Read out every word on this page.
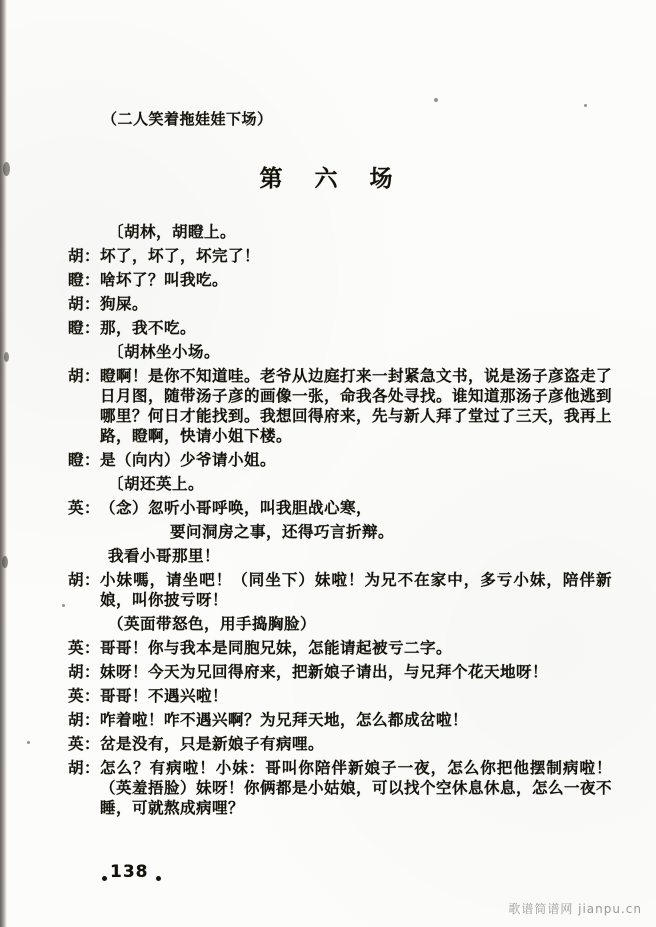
（二人笑着拖娃娃下场）
第 六 场
〔胡林，胡瞪上。
胡： 坏了，坏了，坏完了！
瞪： 啥坏了？叫我吃。
胡： 狗屎。
瞪： 那，我不吃。
〔胡林坐小场。
胡： 瞪啊！是你不知道哇。老爷从边庭打来一封紧急文书，说是汤子彦盗走了日月图，随带汤子彦的画像一张，命我各处寻找。谁知道那汤子彦他逃到哪里？何日才能找到。我想回得府来，先与新人拜了堂过了三天，我再上路，瞪啊，快请小姐下楼。
瞪： 是（向内）少爷请小姐。
〔胡还英上。
英： （念）忽听小哥呼唤，叫我胆战心寒，
要问洞房之事，还得巧言折辩。
我看小哥那里！
胡： 小妹嗎，请坐吧！（同坐下）妹啦！为兄不在家中，多亏小妹，陪伴新娘，叫你披亏呀！
（英面带怒色，用手捣胸脸）
英： 哥哥！你与我本是同胞兄妹，怎能请起被亏二字。
胡： 妹呀！今天为兄回得府来，把新娘子请出，与兄拜个花天地呀！
英： 哥哥！不遇兴啦！
胡： 咋着啦！咋不遇兴啊？为兄拜天地，怎么都成岔啦！
英： 岔是没有，只是新娘子有病哩。
胡： 怎么？有病啦！小妹：哥叫你陪伴新娘子一夜，怎么你把他摆制病啦！（英羞捂脸）妹呀！你俩都是小姑娘，可以找个空休息休息，怎么一夜不睡，可就熬成病哩？
138
歌谱简谱网 jianpu.cn
